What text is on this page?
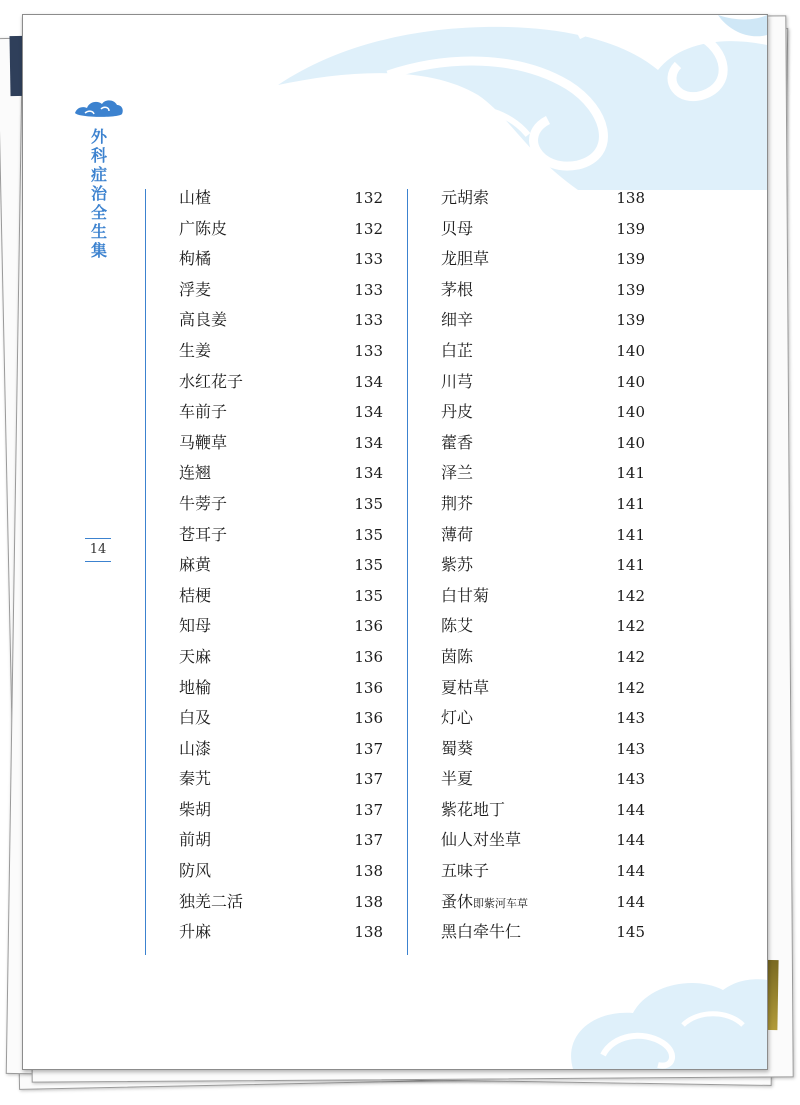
外
科
症
治
全
生
集
14
山楂	132
广陈皮	132
枸橘	133
浮麦	133
高良姜	133
生姜	133
水红花子	134
车前子	134
马鞭草	134
连翘	134
牛蒡子	135
苍耳子	135
麻黄	135
桔梗	135
知母	136
天麻	136
地榆	136
白及	136
山漆	137
秦艽	137
柴胡	137
前胡	137
防风	138
独羌二活	138
升麻	138
元胡索	138
贝母	139
龙胆草	139
茅根	139
细辛	139
白芷	140
川芎	140
丹皮	140
藿香	140
泽兰	141
荆芥	141
薄荷	141
紫苏	141
白甘菊	142
陈艾	142
茵陈	142
夏枯草	142
灯心	143
蜀葵	143
半夏	143
紫花地丁	144
仙人对坐草	144
五味子	144
蚤休即紫河车草	144
黑白牵牛仁	145
